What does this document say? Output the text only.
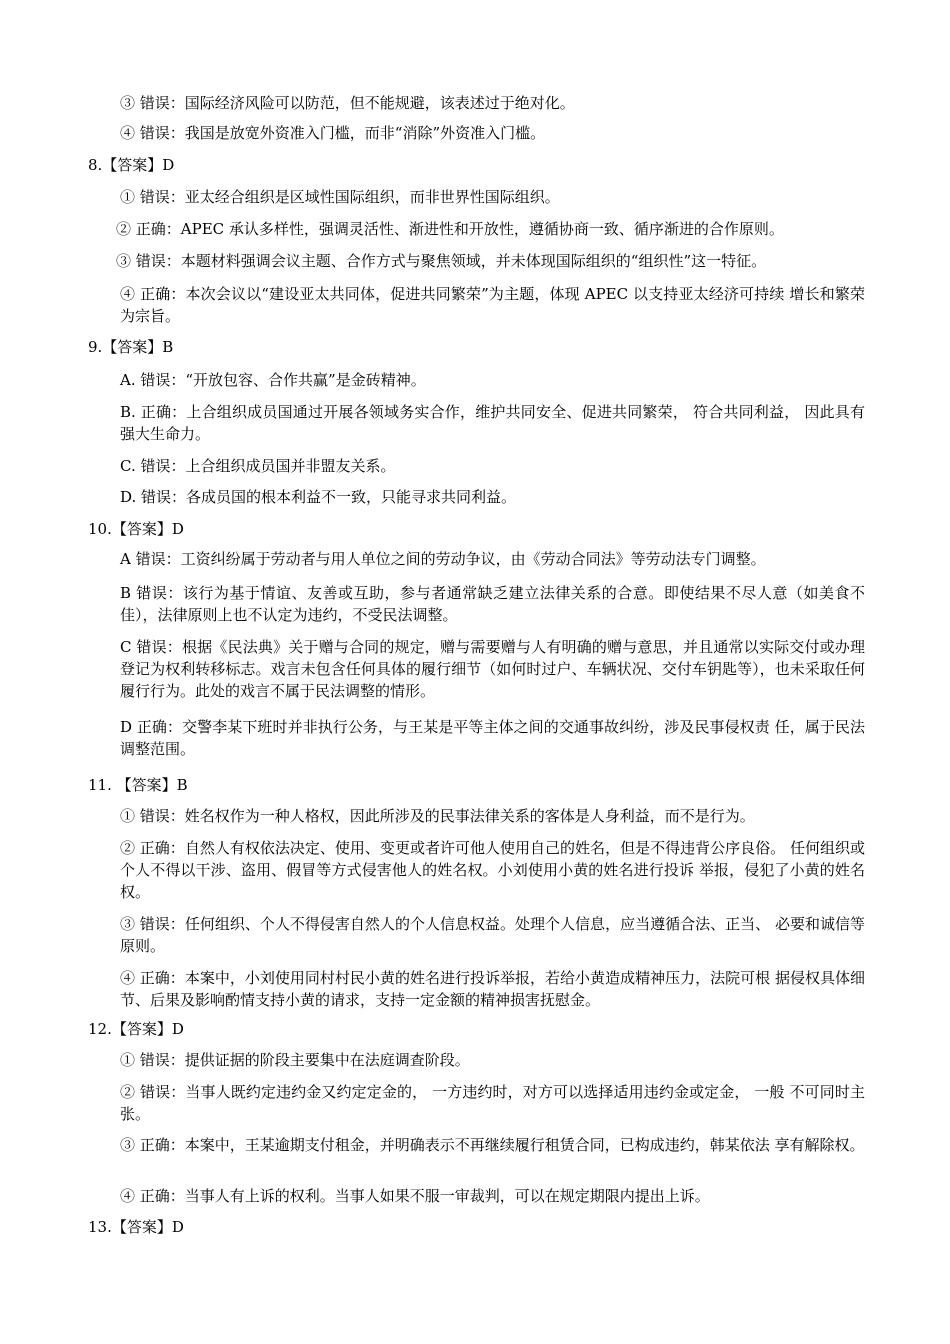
③ 错误：国际经济风险可以防范，但不能规避，该表述过于绝对化。
④ 错误：我国是放宽外资准入门槛，而非“消除”外资准入门槛。
8.【答案】D
① 错误：亚太经合组织是区域性国际组织，而非世界性国际组织。
② 正确：APEC 承认多样性，强调灵活性、渐进性和开放性，遵循协商一致、循序渐进的合作原则。
③ 错误：本题材料强调会议主题、合作方式与聚焦领域，并未体现国际组织的“组织性”这一特征。
④ 正确：本次会议以“建设亚太共同体，促进共同繁荣”为主题，体现 APEC 以支持亚太经济可持续 增长和繁荣为宗旨。
9.【答案】B
A. 错误：“开放包容、合作共赢”是金砖精神。
B. 正确：上合组织成员国通过开展各领域务实合作，维护共同安全、促进共同繁荣， 符合共同利益， 因此具有强大生命力。
C. 错误：上合组织成员国并非盟友关系。
D. 错误：各成员国的根本利益不一致，只能寻求共同利益。
10.【答案】D
A 错误：工资纠纷属于劳动者与用人单位之间的劳动争议，由《劳动合同法》等劳动法专门调整。
B 错误：该行为基于情谊、友善或互助，参与者通常缺乏建立法律关系的合意。即使结果不尽人意（如美食不佳），法律原则上也不认定为违约，不受民法调整。
C 错误：根据《民法典》关于赠与合同的规定，赠与需要赠与人有明确的赠与意思，并且通常以实际交付或办理登记为权利转移标志。戏言未包含任何具体的履行细节（如何时过户、车辆状况、交付车钥匙等），也未采取任何履行行为。此处的戏言不属于民法调整的情形。
D 正确：交警李某下班时并非执行公务，与王某是平等主体之间的交通事故纠纷，涉及民事侵权责 任，属于民法调整范围。
11. 【答案】B
① 错误：姓名权作为一种人格权，因此所涉及的民事法律关系的客体是人身利益，而不是行为。
② 正确：自然人有权依法决定、使用、变更或者许可他人使用自己的姓名，但是不得违背公序良俗。 任何组织或个人不得以干涉、盗用、假冒等方式侵害他人的姓名权。小刘使用小黄的姓名进行投诉 举报，侵犯了小黄的姓名权。
③ 错误：任何组织、个人不得侵害自然人的个人信息权益。处理个人信息，应当遵循合法、正当、 必要和诚信等原则。
④ 正确：本案中，小刘使用同村村民小黄的姓名进行投诉举报，若给小黄造成精神压力，法院可根 据侵权具体细节、后果及影响酌情支持小黄的请求，支持一定金额的精神损害抚慰金。
12.【答案】D
① 错误：提供证据的阶段主要集中在法庭调查阶段。
② 错误：当事人既约定违约金又约定定金的， 一方违约时，对方可以选择适用违约金或定金， 一般 不可同时主张。
③ 正确：本案中，王某逾期支付租金，并明确表示不再继续履行租赁合同，已构成违约，韩某依法 享有解除权。
④ 正确：当事人有上诉的权利。当事人如果不服一审裁判，可以在规定期限内提出上诉。
13.【答案】D
